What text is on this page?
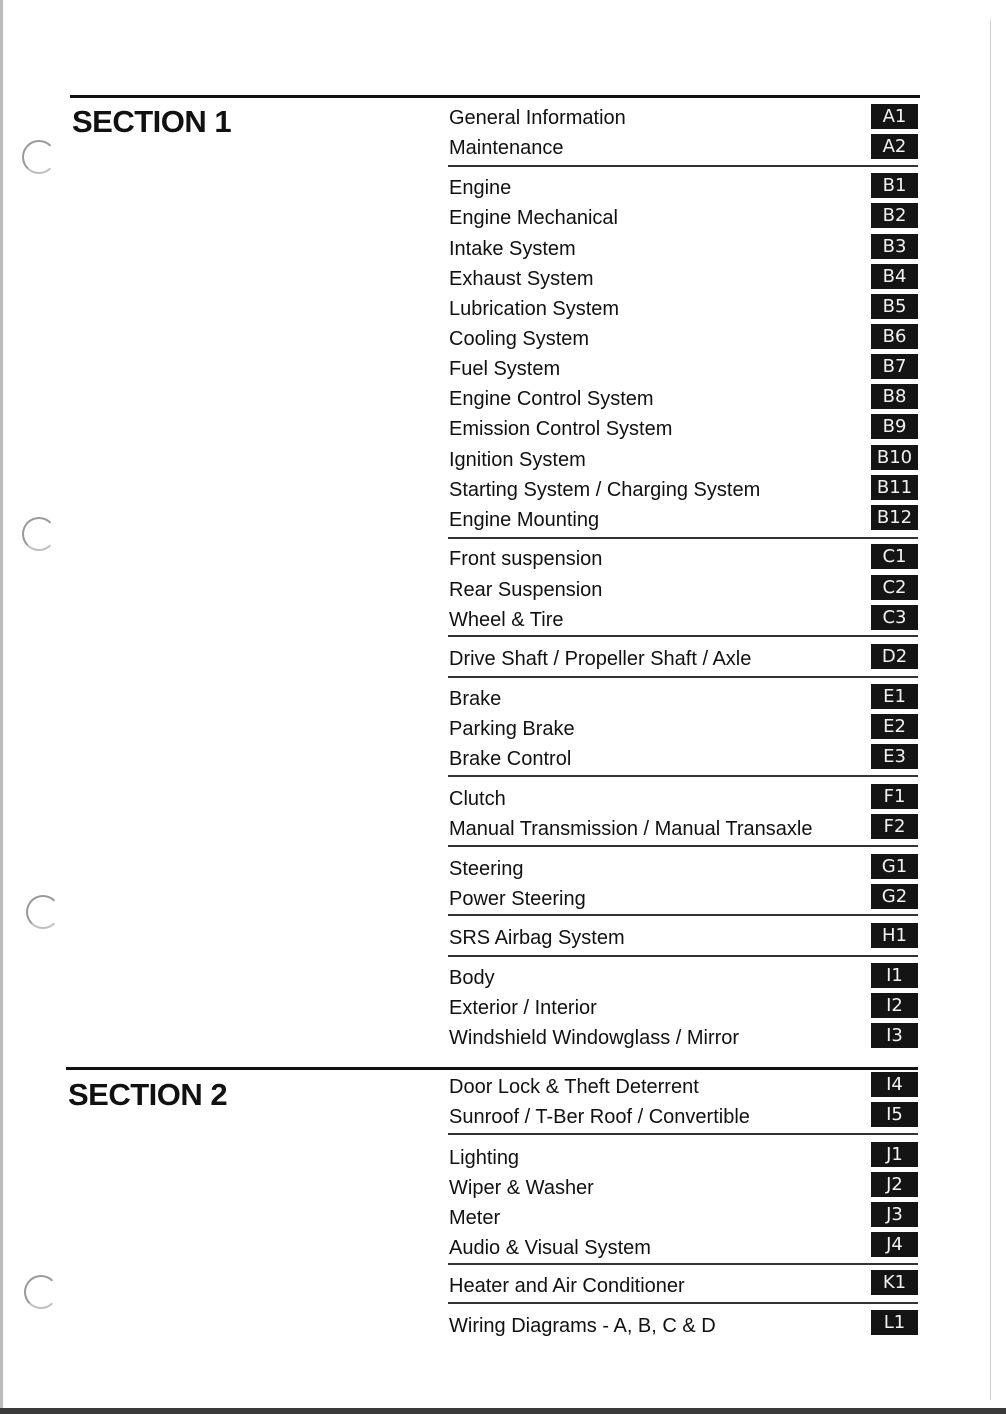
SECTION 1
SECTION 2
General Information	A1
Maintenance	A2
Engine	B1
Engine Mechanical	B2
Intake System	B3
Exhaust System	B4
Lubrication System	B5
Cooling System	B6
Fuel System	B7
Engine Control System	B8
Emission Control System	B9
Ignition System	B10
Starting System / Charging System	B11
Engine Mounting	B12
Front suspension	C1
Rear Suspension	C2
Wheel & Tire	C3
Drive Shaft / Propeller Shaft / Axle	D2
Brake	E1
Parking Brake	E2
Brake Control	E3
Clutch	F1
Manual Transmission / Manual Transaxle	F2
Steering	G1
Power Steering	G2
SRS Airbag System	H1
Body	I1
Exterior / Interior	I2
Windshield Windowglass / Mirror	I3
Door Lock & Theft Deterrent	I4
Sunroof / T-Ber Roof / Convertible	I5
Lighting	J1
Wiper & Washer	J2
Meter	J3
Audio & Visual System	J4
Heater and Air Conditioner	K1
Wiring Diagrams - A, B, C & D	L1
